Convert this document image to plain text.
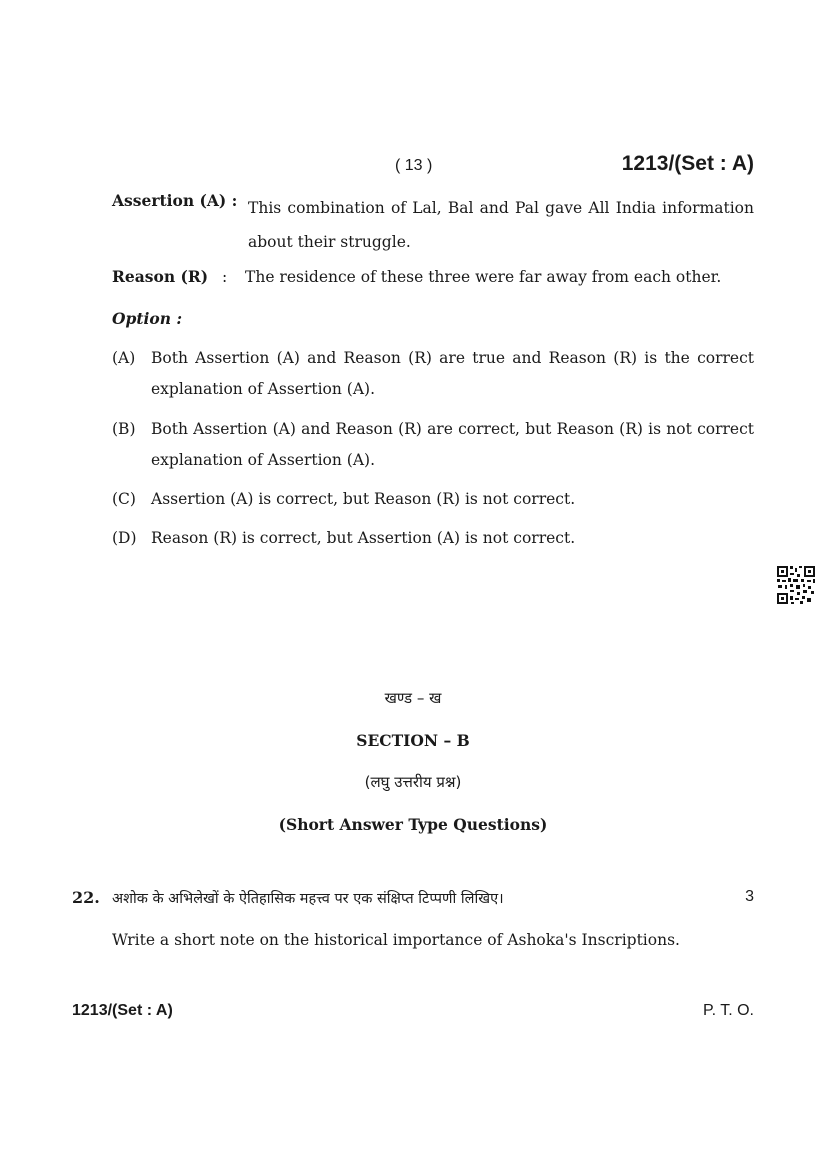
( 13 )	1213/(Set : A)
Assertion (A) : This combination of Lal, Bal and Pal gave All India information about their struggle.
Reason (R) : The residence of these three were far away from each other.
Option :
(A) Both Assertion (A) and Reason (R) are true and Reason (R) is the correct explanation of Assertion (A).
(B) Both Assertion (A) and Reason (R) are correct, but Reason (R) is not correct explanation of Assertion (A).
(C) Assertion (A) is correct, but Reason (R) is not correct.
(D) Reason (R) is correct, but Assertion (A) is not correct.
खण्ड – ख
SECTION – B
(लघु उत्तरीय प्रश्न)
(Short Answer Type Questions)
22. अशोक के अभिलेखों के ऐतिहासिक महत्त्व पर एक संक्षिप्त टिप्पणी लिखिए।	3
Write a short note on the historical importance of Ashoka's Inscriptions.
1213/(Set : A)	P. T. O.
